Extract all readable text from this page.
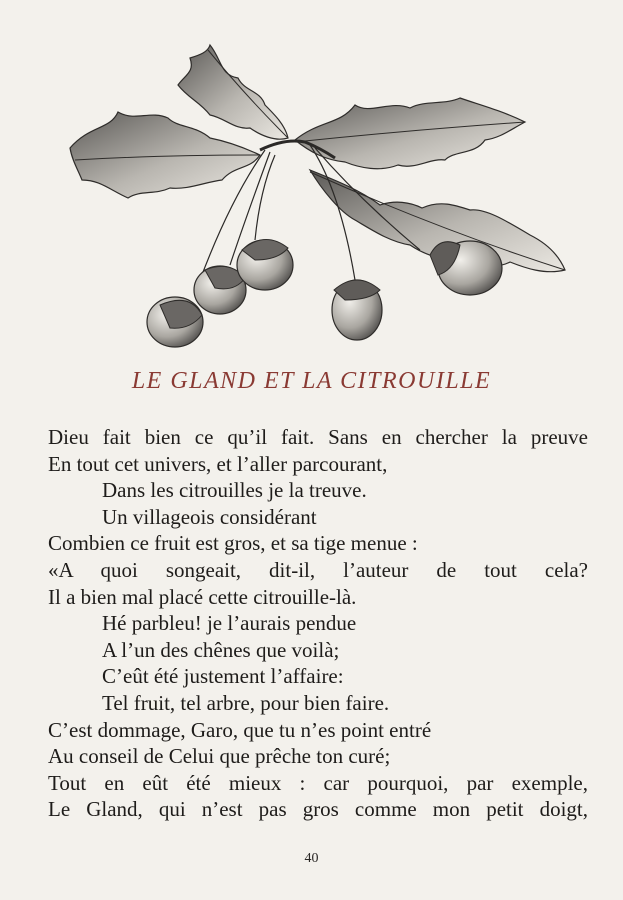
LE GLAND ET LA CITROUILLE
Dieu fait bien ce qu’il fait. Sans en chercher la preuve
En tout cet univers, et l’aller parcourant,
Dans les citrouilles je la treuve.
Un villageois considérant
Combien ce fruit est gros, et sa tige menue :
«A quoi songeait, dit-il, l’auteur de tout cela?
Il a bien mal placé cette citrouille-là.
Hé parbleu! je l’aurais pendue
A l’un des chênes que voilà;
C’eût été justement l’affaire:
Tel fruit, tel arbre, pour bien faire.
C’est dommage, Garo, que tu n’es point entré
Au conseil de Celui que prêche ton curé;
Tout en eût été mieux : car pourquoi, par exemple,
Le Gland, qui n’est pas gros comme mon petit doigt,
40
